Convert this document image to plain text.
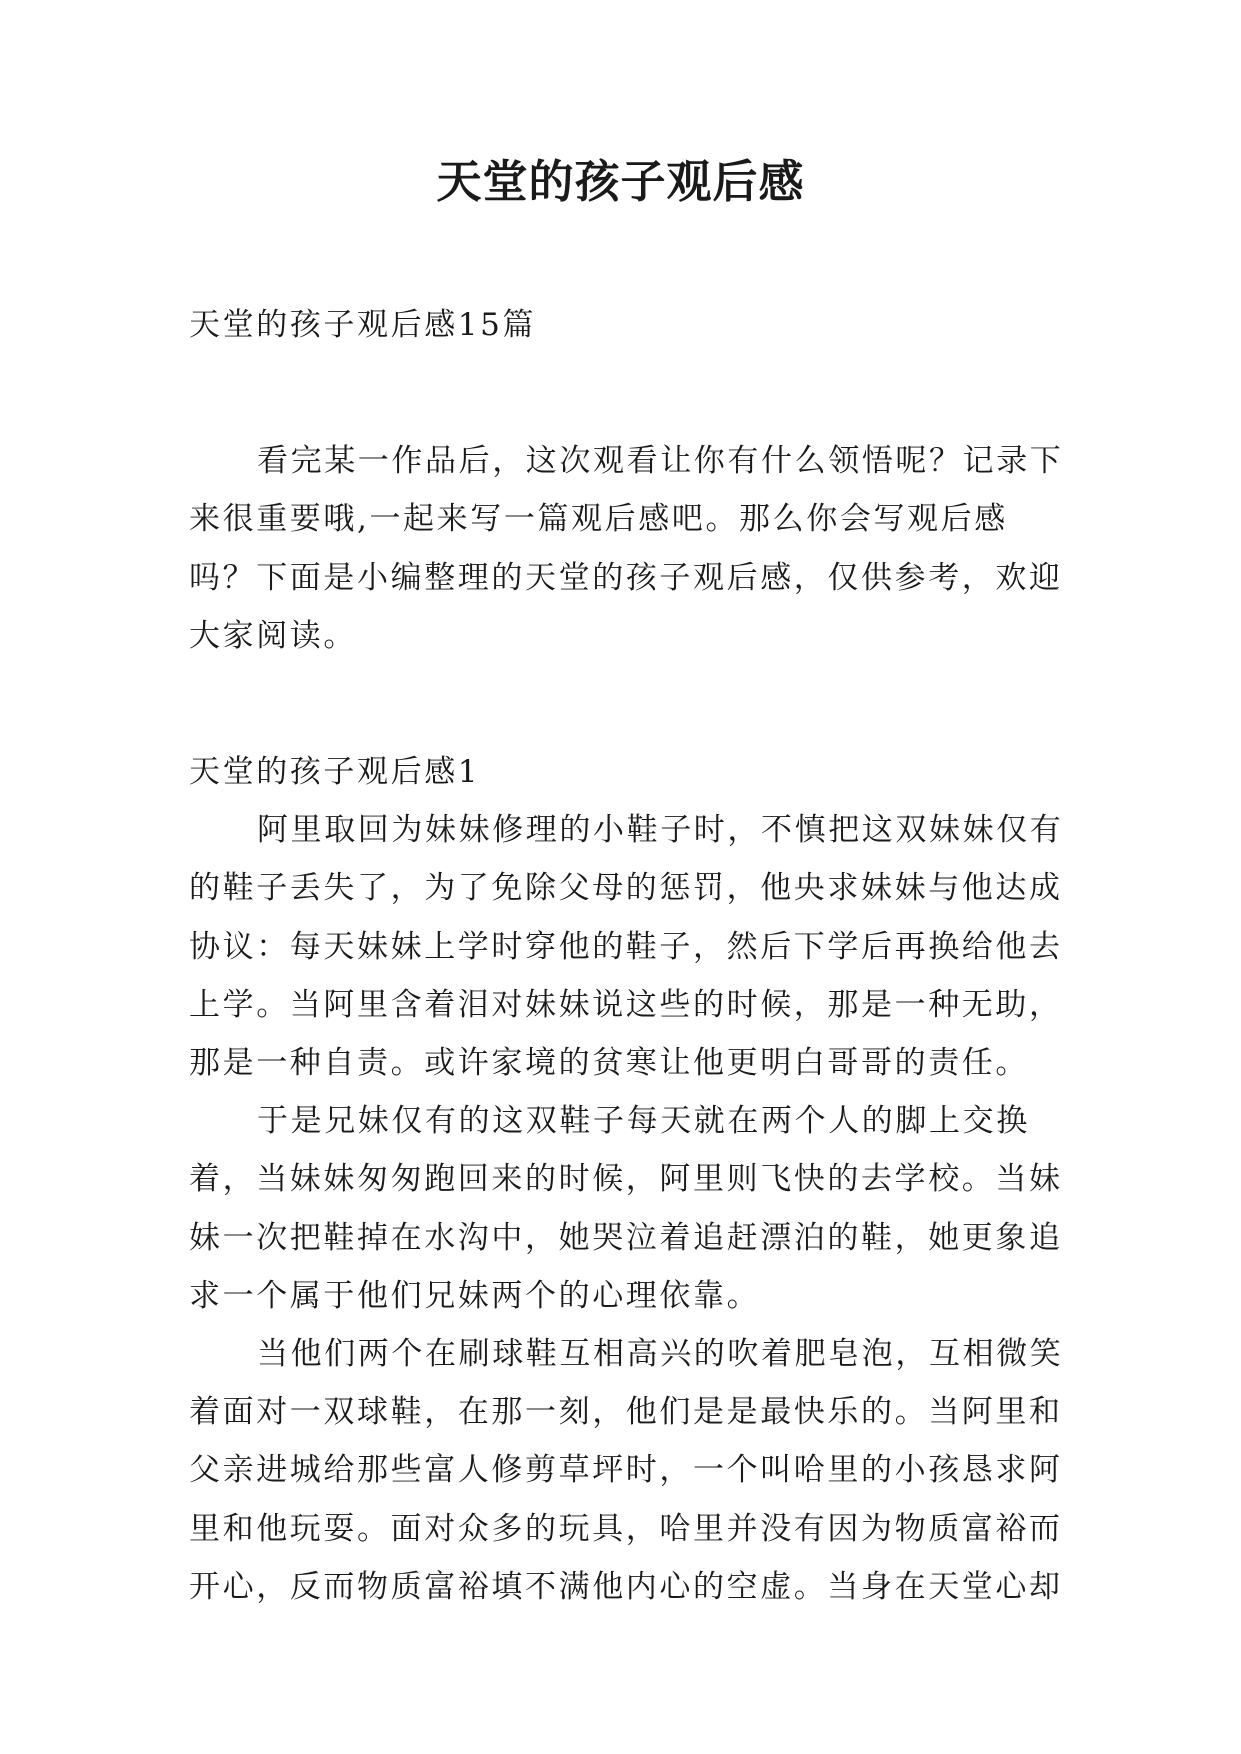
天堂的孩子观后感

天堂的孩子观后感15篇

看完某一作品后，这次观看让你有什么领悟呢？记录下来很重要哦,一起来写一篇观后感吧。那么你会写观后感吗？下面是小编整理的天堂的孩子观后感，仅供参考，欢迎大家阅读。

天堂的孩子观后感1

阿里取回为妹妹修理的小鞋子时，不慎把这双妹妹仅有的鞋子丢失了，为了免除父母的惩罚，他央求妹妹与他达成协议：每天妹妹上学时穿他的鞋子，然后下学后再换给他去上学。当阿里含着泪对妹妹说这些的时候，那是一种无助，那是一种自责。或许家境的贫寒让他更明白哥哥的责任。

于是兄妹仅有的这双鞋子每天就在两个人的脚上交换着，当妹妹匆匆跑回来的时候，阿里则飞快的去学校。当妹妹一次把鞋掉在水沟中，她哭泣着追赶漂泊的鞋，她更象追求一个属于他们兄妹两个的心理依靠。

当他们两个在刷球鞋互相高兴的吹着肥皂泡，互相微笑着面对一双球鞋，在那一刻，他们是是最快乐的。当阿里和父亲进城给那些富人修剪草坪时，一个叫哈里的小孩恳求阿里和他玩耍。面对众多的玩具，哈里并没有因为物质富裕而开心，反而物质富裕填不满他内心的空虚。当身在天堂心却
